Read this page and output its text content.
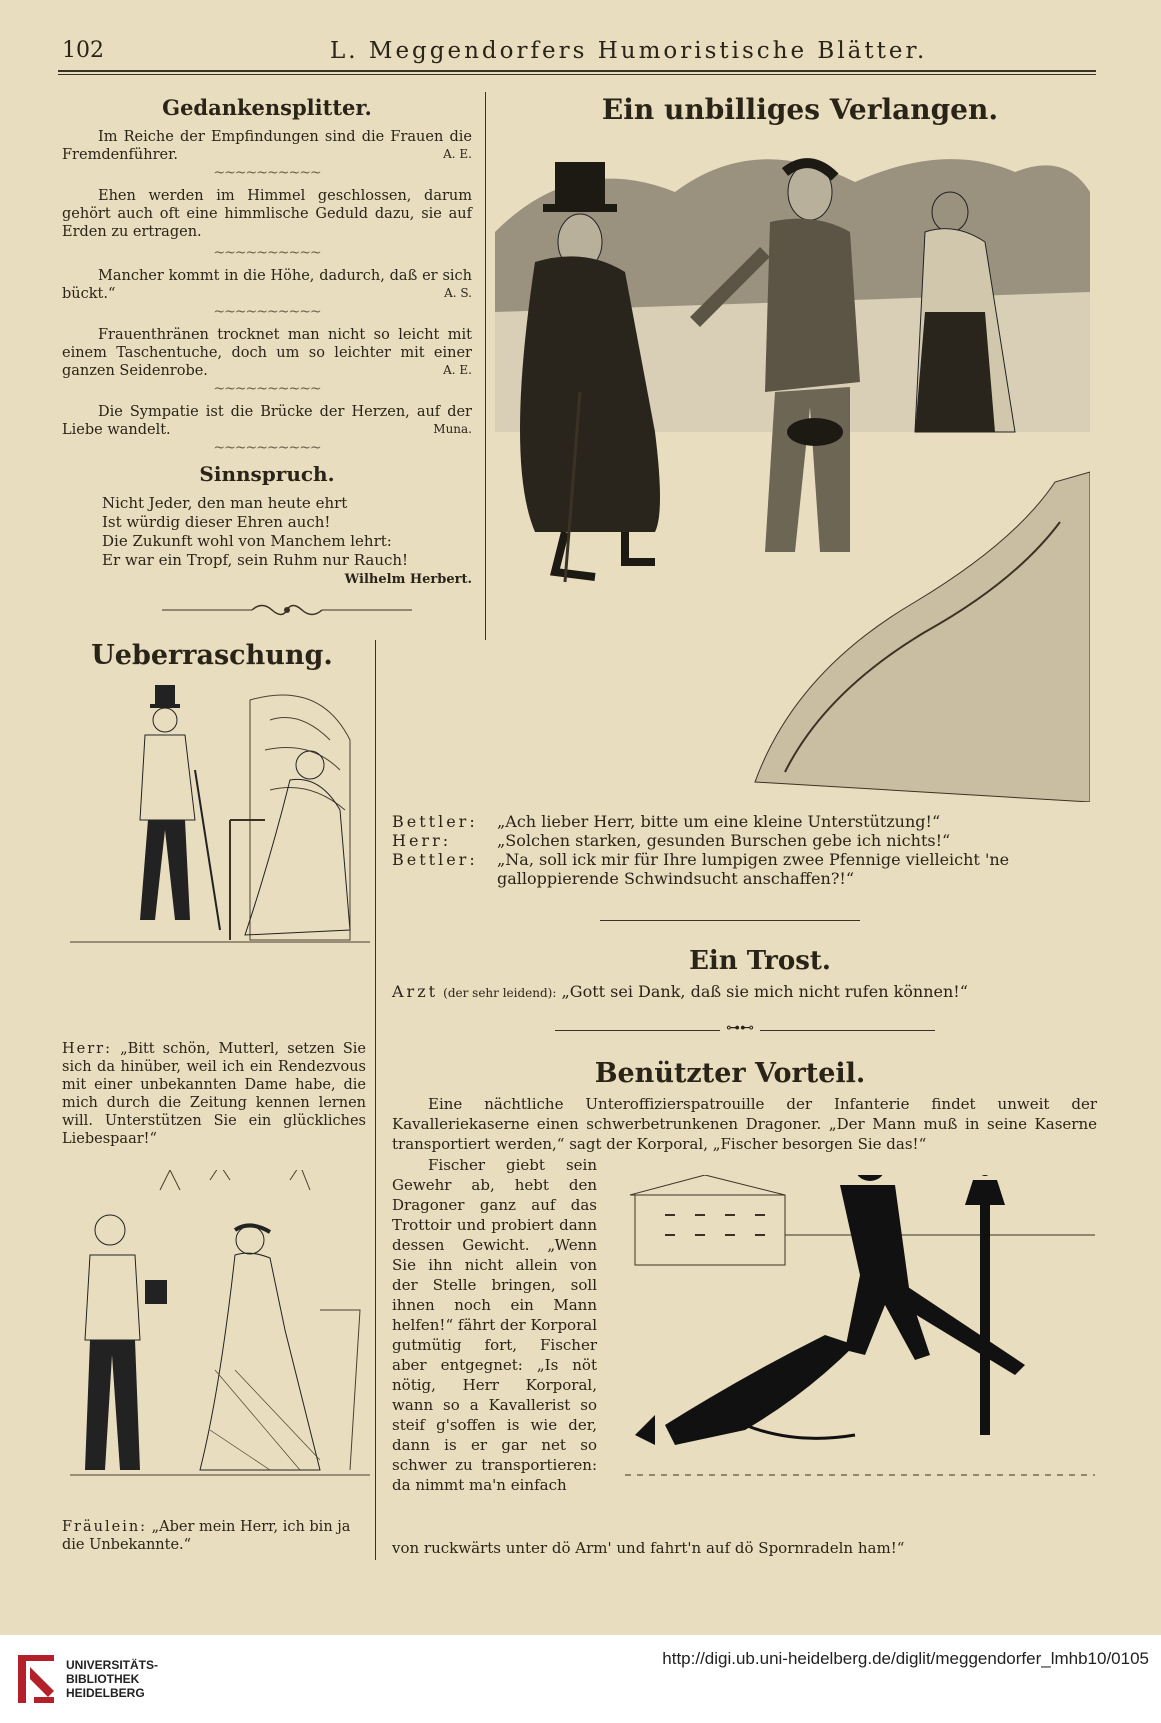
102	L. Meggendorfers Humoristische Blätter.
Gedankensplitter.

Im Reiche der Empfindungen sind die Frauen die Fremdenführer.	A. E.
~~~~~~~~~~

Ehen werden im Himmel geschlossen, darum gehört auch oft eine himmlische Geduld dazu, sie auf Erden zu ertragen.

~~~~~~~~~~

Mancher kommt in die Höhe, dadurch, daß er sich bückt.“	A. S.
~~~~~~~~~~

Frauenthränen trocknet man nicht so leicht mit einem Taschentuche, doch um so leichter mit einer ganzen Seidenrobe.	A. E.
~~~~~~~~~~

Die Sympatie ist die Brücke der Herzen, auf der Liebe wandelt.	Muna.
~~~~~~~~~~
Sinnspruch.
Nicht Jeder, den man heute ehrt
Ist würdig dieser Ehren auch!
Die Zukunft wohl von Manchem lehrt:
Er war ein Tropf, sein Ruhm nur Rauch!
Wilhelm Herbert.
Ueberraschung.
Herr: „Bitt schön, Mutterl, setzen Sie sich da hinüber, weil ich ein Rendezvous mit einer unbekannten Dame habe, die mich durch die Zeitung kennen lernen will. Unterstützen Sie ein glückliches Liebespaar!“
Fräulein: „Aber mein Herr, ich bin ja die Unbekannte.“
Ein unbilliges Verlangen.
Bettler:	„Ach lieber Herr, bitte um eine kleine Unterstützung!“
Herr:	„Solchen starken, gesunden Burschen gebe ich nichts!“
Bettler:	„Na, soll ick mir für Ihre lumpigen zwee Pfennige vielleicht 'ne galloppierende Schwindsucht anschaffen?!“
Ein Trost.
Arzt (der sehr leidend): „Gott sei Dank, daß sie mich nicht rufen können!“
⊶⊷
Benützter Vorteil.
Eine nächtliche Unteroffizierspatrouille der Infanterie findet unweit der Kavalleriekaserne einen schwerbetrunkenen Dragoner. „Der Mann muß in seine Kaserne transportiert werden,“ sagt der Korporal, „Fischer besorgen Sie das!“
Fischer giebt sein Gewehr ab, hebt den Dragoner ganz auf das Trottoir und probiert dann dessen Gewicht. „Wenn Sie ihn nicht allein von der Stelle bringen, soll ihnen noch ein Mann helfen!“ fährt der Korporal gutmütig fort, Fischer aber entgegnet: „Is nöt nötig, Herr Korporal, wann so a Kavallerist so steif g'soffen is wie der, dann is er gar net so schwer zu transportieren: da nimmt ma'n einfach
von ruckwärts unter dö Arm' und fahrt'n auf dö Spornradeln ham!“
UNIVERSITÄTS-
BIBLIOTHEK
HEIDELBERG
http://digi.ub.uni-heidelberg.de/diglit/meggendorfer_lmhb10/0105
